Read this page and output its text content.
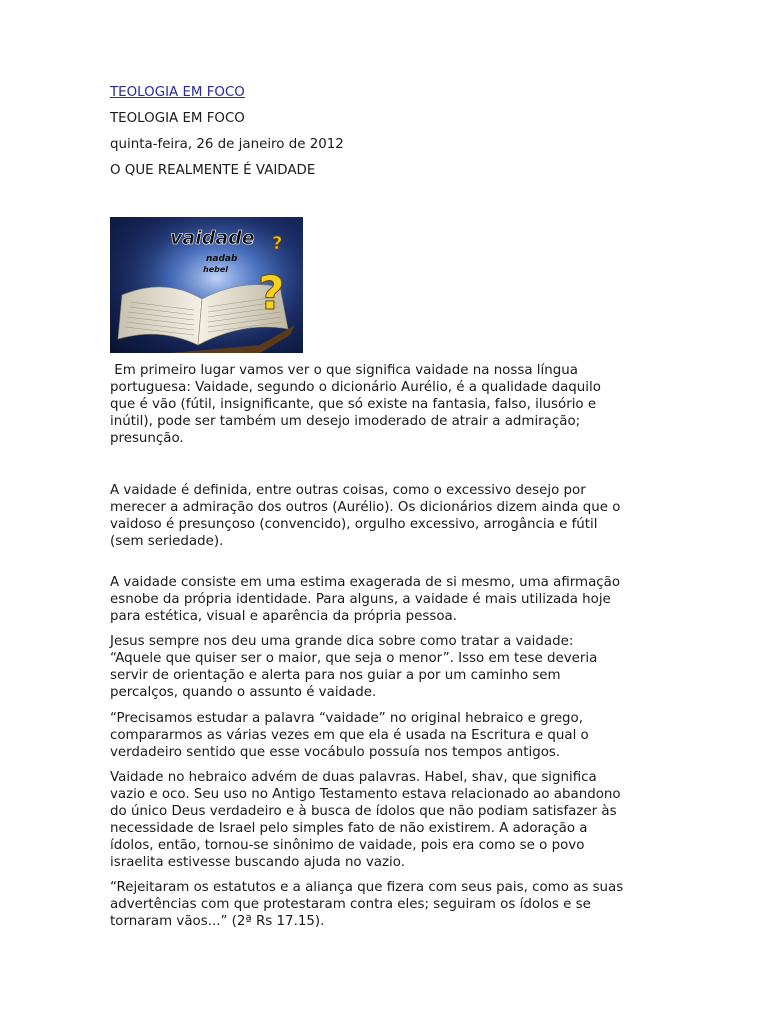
TEOLOGIA EM FOCO
TEOLOGIA EM FOCO
quinta-feira, 26 de janeiro de 2012
O QUE REALMENTE É VAIDADE
vaidade
nadab
hebel
?
?
Em primeiro lugar vamos ver o que significa vaidade na nossa língua
portuguesa: Vaidade, segundo o dicionário Aurélio, é a qualidade daquilo
que é vão (fútil, insignificante, que só existe na fantasia, falso, ilusório e
inútil), pode ser também um desejo imoderado de atrair a admiração;
presunção.
A vaidade é definida, entre outras coisas, como o excessivo desejo por
merecer a admiração dos outros (Aurélio). Os dicionários dizem ainda que o
vaidoso é presunçoso (convencido), orgulho excessivo, arrogância e fútil
(sem seriedade).
A vaidade consiste em uma estima exagerada de si mesmo, uma afirmação
esnobe da própria identidade. Para alguns, a vaidade é mais utilizada hoje
para estética, visual e aparência da própria pessoa.
Jesus sempre nos deu uma grande dica sobre como tratar a vaidade:
“Aquele que quiser ser o maior, que seja o menor”. Isso em tese deveria
servir de orientação e alerta para nos guiar a por um caminho sem
percalços, quando o assunto é vaidade.
“Precisamos estudar a palavra “vaidade” no original hebraico e grego,
compararmos as várias vezes em que ela é usada na Escritura e qual o
verdadeiro sentido que esse vocábulo possuía nos tempos antigos.
Vaidade no hebraico advém de duas palavras. Habel, shav, que significa
vazio e oco. Seu uso no Antigo Testamento estava relacionado ao abandono
do único Deus verdadeiro e à busca de ídolos que não podiam satisfazer às
necessidade de Israel pelo simples fato de não existirem. A adoração a
ídolos, então, tornou-se sinônimo de vaidade, pois era como se o povo
israelita estivesse buscando ajuda no vazio.
“Rejeitaram os estatutos e a aliança que fizera com seus pais, como as suas
advertências com que protestaram contra eles; seguiram os ídolos e se
tornaram vãos...” (2ª Rs 17.15).
